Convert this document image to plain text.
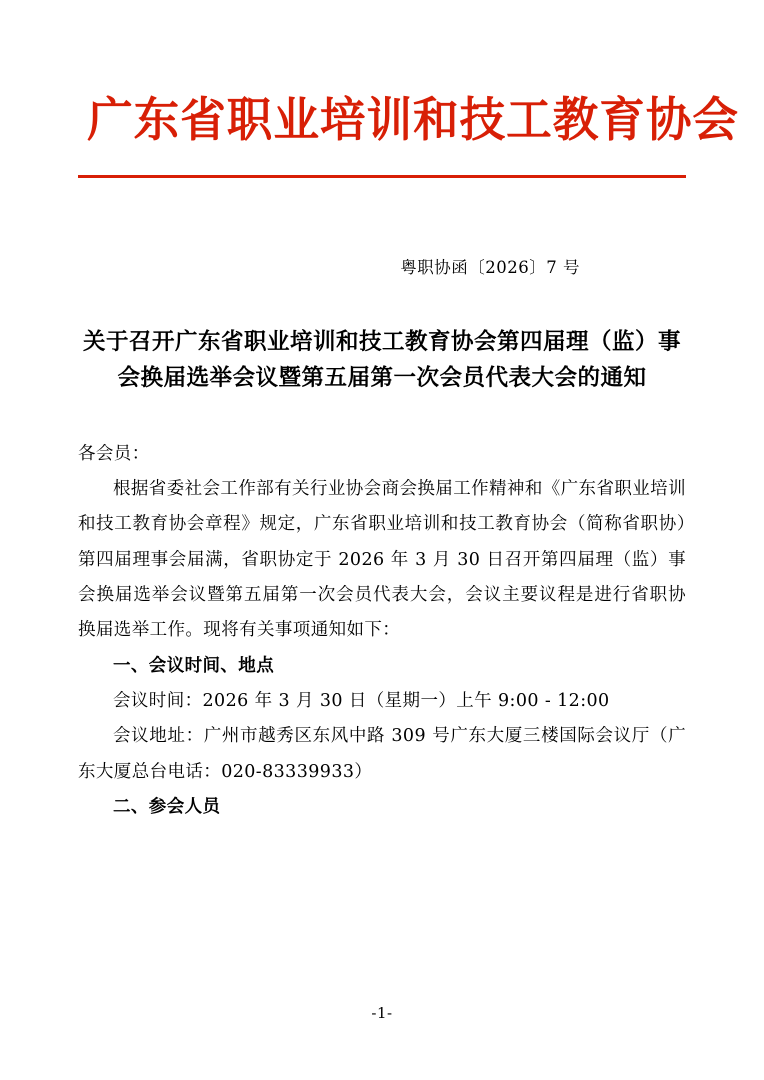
广东省职业培训和技工教育协会
粤职协函〔2026〕7 号
关于召开广东省职业培训和技工教育协会第四届理（监）事会换届选举会议暨第五届第一次会员代表大会的通知

各会员：

根据省委社会工作部有关行业协会商会换届工作精神和《广东省职业培训和技工教育协会章程》规定，广东省职业培训和技工教育协会（简称省职协）第四届理事会届满，省职协定于 2026 年 3 月 30 日召开第四届理（监）事会换届选举会议暨第五届第一次会员代表大会，会议主要议程是进行省职协换届选举工作。现将有关事项通知如下：

一、会议时间、地点

会议时间：2026 年 3 月 30 日（星期一）上午 9:00 - 12:00

会议地址：广州市越秀区东风中路 309 号广东大厦三楼国际会议厅（广东大厦总台电话：020-83339933）

二、参会人员

-1-
